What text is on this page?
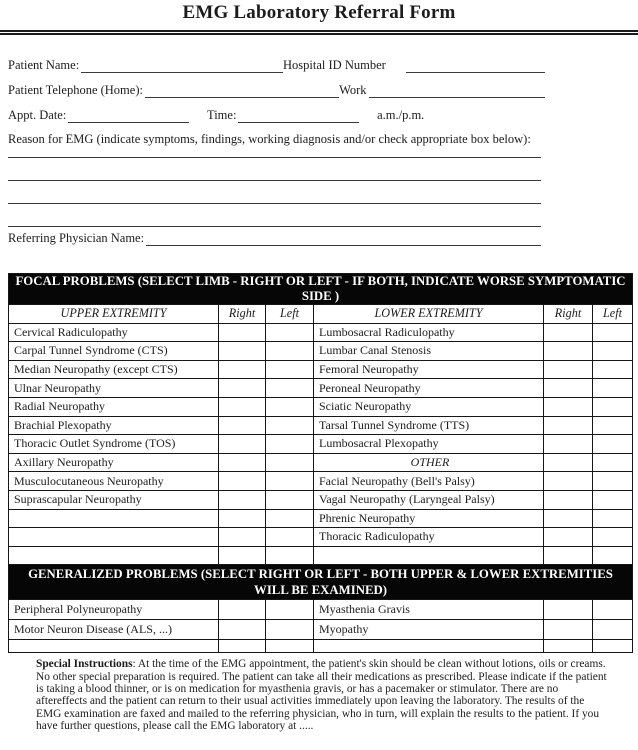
EMG Laboratory Referral Form
Patient Name:	Hospital ID Number
Patient Telephone (Home):	Work
Appt. Date:	Time:	a.m./p.m.
Reason for EMG (indicate symptoms, findings, working diagnosis and/or check appropriate box below):
Referring Physician Name:
FOCAL PROBLEMS (SELECT LIMB - RIGHT OR LEFT - IF BOTH, INDICATE WORSE SYMPTOMATIC SIDE )					
UPPER EXTREMITY	Right	Left	LOWER EXTREMITY	Right	Left
Cervical Radiculopathy			Lumbosacral Radiculopathy		
Carpal Tunnel Syndrome (CTS)			Lumbar Canal Stenosis		
Median Neuropathy (except CTS)			Femoral Neuropathy		
Ulnar Neuropathy			Peroneal Neuropathy		
Radial Neuropathy			Sciatic Neuropathy		
Brachial Plexopathy			Tarsal Tunnel Syndrome (TTS)		
Thoracic Outlet Syndrome (TOS)			Lumbosacral Plexopathy		
Axillary Neuropathy			OTHER		
Musculocutaneous Neuropathy			Facial Neuropathy (Bell's Palsy)		
Suprascapular Neuropathy			Vagal Neuropathy (Laryngeal Palsy)		
			Phrenic Neuropathy		
			Thoracic Radiculopathy		

GENERALIZED PROBLEMS (SELECT RIGHT OR LEFT - BOTH UPPER & LOWER EXTREMITIES WILL BE EXAMINED)					
Peripheral Polyneuropathy			Myasthenia Gravis		
Motor Neuron Disease (ALS, ...)			Myopathy		

Special Instructions: At the time of the EMG appointment, the patient's skin should be clean without lotions, oils or creams. No other special preparation is required. The patient can take all their medications as prescribed. Please indicate if the patient is taking a blood thinner, or is on medication for myasthenia gravis, or has a pacemaker or stimulator. There are no aftereffects and the patient can return to their usual activities immediately upon leaving the laboratory. The results of the EMG examination are faxed and mailed to the referring physician, who in turn, will explain the results to the patient. If you have further questions, please call the EMG laboratory at .....
